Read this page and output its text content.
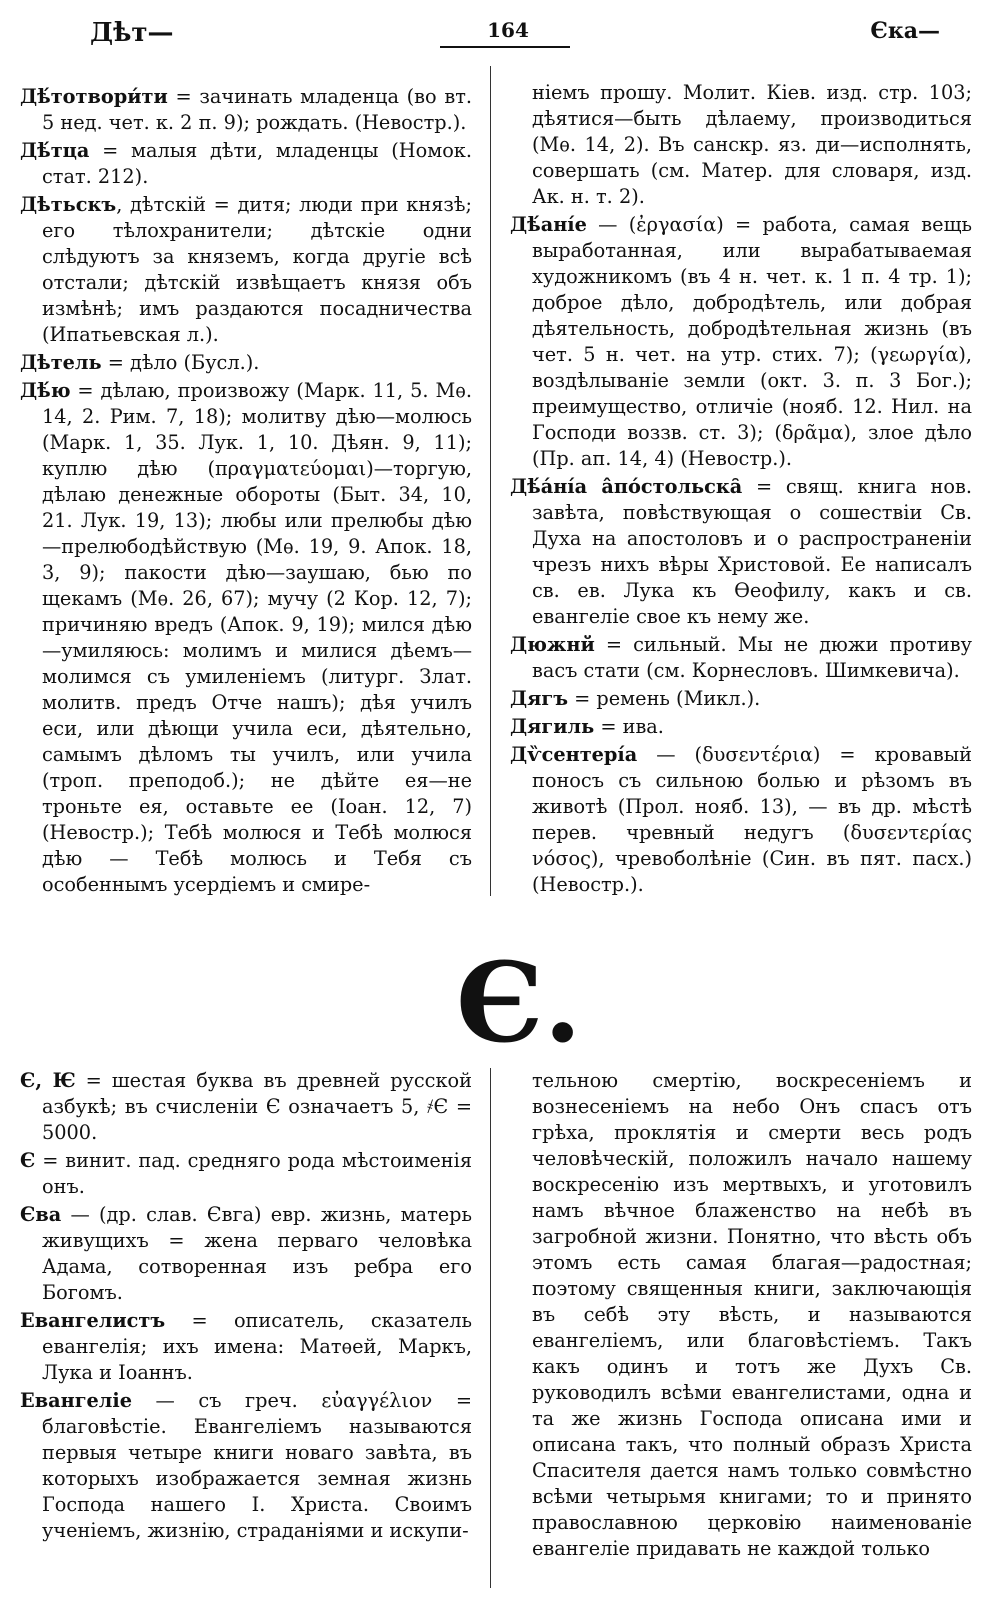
Дѣт—	164	Єка—

Дѣ́тотвори́ти = зачинать младенца (во вт. 5 нед. чет. к. 2 п. 9); рождать. (Невостр.).

Дѣ́тца = малыя дѣти, младенцы (Номок. стат. 212).

Дѣтьскъ, дѣтскій = дитя; люди при князѣ; его тѣлохранители; дѣтскіе одни слѣдуютъ за княземъ, когда другіе всѣ отстали; дѣтскій извѣщаетъ князя объ измѣнѣ; имъ раздаются посадничества (Ипатьевская л.).

Дѣтель = дѣло (Бусл.).

Дѣ́ю = дѣлаю, произвожу (Марк. 11, 5. Мѳ. 14, 2. Рим. 7, 18); молитву дѣю—молюсь (Марк. 1, 35. Лук. 1, 10. Дѣян. 9, 11); куплю дѣю (πραγματεύομαι)—торгую, дѣлаю денежные обороты (Быт. 34, 10, 21. Лук. 19, 13); любы или прелюбы дѣю—прелюбодѣйствую (Мѳ. 19, 9. Апок. 18, 3, 9); пакости дѣю—заушаю, бью по щекамъ (Мѳ. 26, 67); мучу (2 Кор. 12, 7); причиняю вредъ (Апок. 9, 19); мился дѣю—умиляюсь: молимъ и милися дѣемъ—молимся съ умиленіемъ (литург. Злат. молитв. предъ Отче нашъ); дѣя училъ еси, или дѣющи учила еси, дѣятельно, самымъ дѣломъ ты училъ, или учила (троп. преподоб.); не дѣйте ея—не троньте ея, оставьте ее (Іоан. 12, 7) (Невостр.); Тебѣ молюся и Тебѣ молюся дѣю — Тебѣ молюсь и Тебя съ особеннымъ усердіемъ и смире-

ніемъ прошу. Молит. Кіев. изд. стр. 103; дѣятися—быть дѣлаему, производиться (Мѳ. 14, 2). Въ санскр. яз. ди—исполнять, совершать (см. Матер. для словаря, изд. Ак. н. т. 2).

Дѣ́ані́е — (ἐργασία) = работа, самая вещь выработанная, или вырабатываемая художникомъ (въ 4 н. чет. к. 1 п. 4 тр. 1); доброе дѣло, добродѣтель, или добрая дѣятельность, добродѣтельная жизнь (въ чет. 5 н. чет. на утр. стих. 7); (γεωργία), воздѣлываніе земли (окт. 3. п. 3 Бог.); преимущество, отличіе (нояб. 12. Нил. на Господи воззв. ст. 3); (δρᾶμα), злое дѣло (Пр. ап. 14, 4) (Невостр.).

Дѣ́а́ні́а а̂по́стольска̑ = свящ. книга нов. завѣта, повѣствующая о сошествіи Св. Духа на апостоловъ и о распространеніи чрезъ нихъ вѣры Христовой. Ее написалъ св. ев. Лука къ Ѳеофилу, какъ и св. евангеліе свое къ нему же.

Дюжнй = сильный. Мы не дюжи противу васъ стати (см. Корнесловъ. Шимкевича).

Дягъ = ремень (Микл.).

Дягиль = ива.

Дѷсентері́а — (δυσεντέρια) = кровавый поносъ съ сильною болью и рѣзомъ въ животѣ (Прол. нояб. 13), — въ др. мѣстѣ перев. чревный недугъ (δυσεντερίας νόσος), чревоболѣніе (Син. въ пят. пасх.) (Невостр.).

Є.

Є, Ѥ = шестая буква въ древней русской азбукѣ; въ счисленіи Є означаетъ 5, ҂Є = 5000.

Є = винит. пад. средняго рода мѣстоименія онъ.

Єва — (др. слав. Євга) евр. жизнь, матерь живущихъ = жена перваго человѣка Адама, сотворенная изъ ребра его Богомъ.

Евангелистъ = описатель, сказатель евангелія; ихъ имена: Матѳей, Маркъ, Лука и Іоаннъ.

Евангеліе — съ греч. εὐαγγέλιον = благовѣстіе. Евангеліемъ называются первыя четыре книги новаго завѣта, въ которыхъ изображается земная жизнь Господа нашего І. Христа. Своимъ ученіемъ, жизнію, страданіями и искупи-

тельною смертію, воскресеніемъ и вознесеніемъ на небо Онъ спасъ отъ грѣха, проклятія и смерти весь родъ человѣческій, положилъ начало нашему воскресенію изъ мертвыхъ, и уготовилъ намъ вѣчное блаженство на небѣ въ загробной жизни. Понятно, что вѣсть объ этомъ есть самая благая—радостная; поэтому священныя книги, заключающія въ себѣ эту вѣсть, и называются евангеліемъ, или благовѣстіемъ. Такъ какъ одинъ и тотъ же Духъ Св. руководилъ всѣми евангелистами, одна и та же жизнь Господа описана ими и описана такъ, что полный образъ Христа Спасителя дается намъ только совмѣстно всѣми четырьмя книгами; то и принято православною церковію наименованіе евангеліе придавать не каждой только
